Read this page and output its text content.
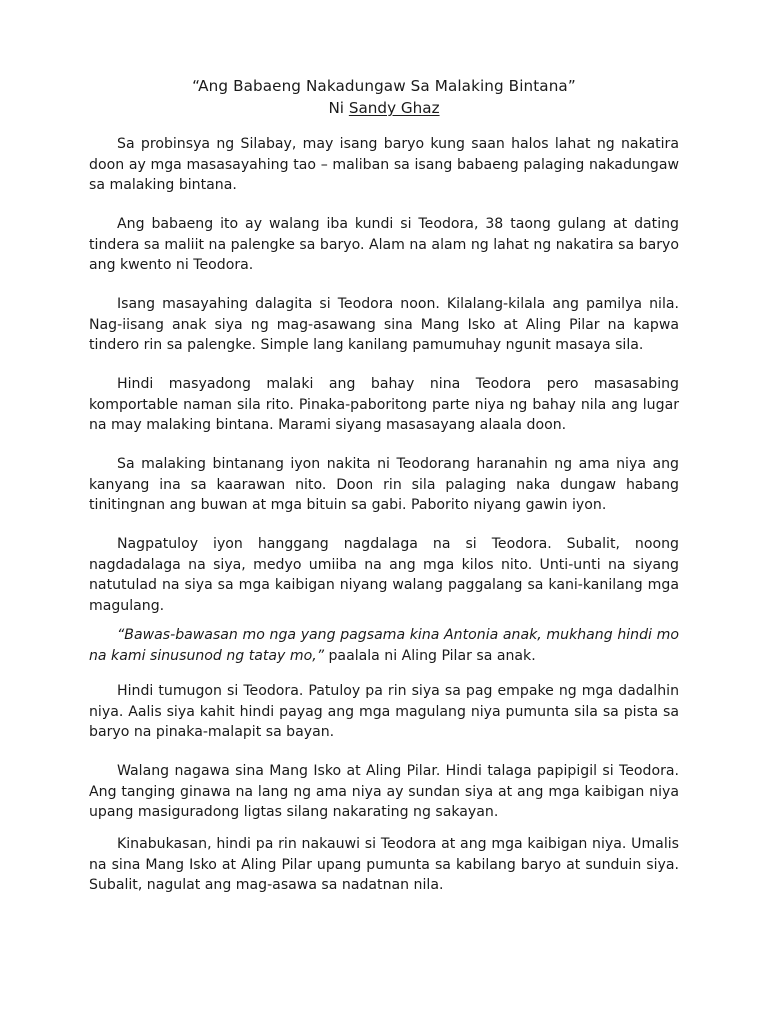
“Ang Babaeng Nakadungaw Sa Malaking Bintana”
Ni Sandy Ghaz

Sa probinsya ng Silabay, may isang baryo kung saan halos lahat ng nakatira doon ay mga masasayahing tao – maliban sa isang babaeng palaging nakadungaw sa malaking bintana.

Ang babaeng ito ay walang iba kundi si Teodora, 38 taong gulang at dating tindera sa maliit na palengke sa baryo. Alam na alam ng lahat ng nakatira sa baryo ang kwento ni Teodora.

Isang masayahing dalagita si Teodora noon. Kilalang-kilala ang pamilya nila. Nag-iisang anak siya ng mag-asawang sina Mang Isko at Aling Pilar na kapwa tindero rin sa palengke. Simple lang kanilang pamumuhay ngunit masaya sila.

Hindi masyadong malaki ang bahay nina Teodora pero masasabing komportable naman sila rito. Pinaka-paboritong parte niya ng bahay nila ang lugar na may malaking bintana. Marami siyang masasayang alaala doon.

Sa malaking bintanang iyon nakita ni Teodorang haranahin ng ama niya ang kanyang ina sa kaarawan nito. Doon rin sila palaging naka dungaw habang tinitingnan ang buwan at mga bituin sa gabi. Paborito niyang gawin iyon.

Nagpatuloy iyon hanggang nagdalaga na si Teodora. Subalit, noong nagdadalaga na siya, medyo umiiba na ang mga kilos nito. Unti-unti na siyang natutulad na siya sa mga kaibigan niyang walang paggalang sa kani-kanilang mga magulang.

“Bawas-bawasan mo nga yang pagsama kina Antonia anak, mukhang hindi mo na kami sinusunod ng tatay mo,” paalala ni Aling Pilar sa anak.

Hindi tumugon si Teodora. Patuloy pa rin siya sa pag empake ng mga dadalhin niya. Aalis siya kahit hindi payag ang mga magulang niya pumunta sila sa pista sa baryo na pinaka-malapit sa bayan.

Walang nagawa sina Mang Isko at Aling Pilar. Hindi talaga papipigil si Teodora. Ang tanging ginawa na lang ng ama niya ay sundan siya at ang mga kaibigan niya upang masiguradong ligtas silang nakarating ng sakayan.

Kinabukasan, hindi pa rin nakauwi si Teodora at ang mga kaibigan niya. Umalis na sina Mang Isko at Aling Pilar upang pumunta sa kabilang baryo at sunduin siya. Subalit, nagulat ang mag-asawa sa nadatnan nila.
